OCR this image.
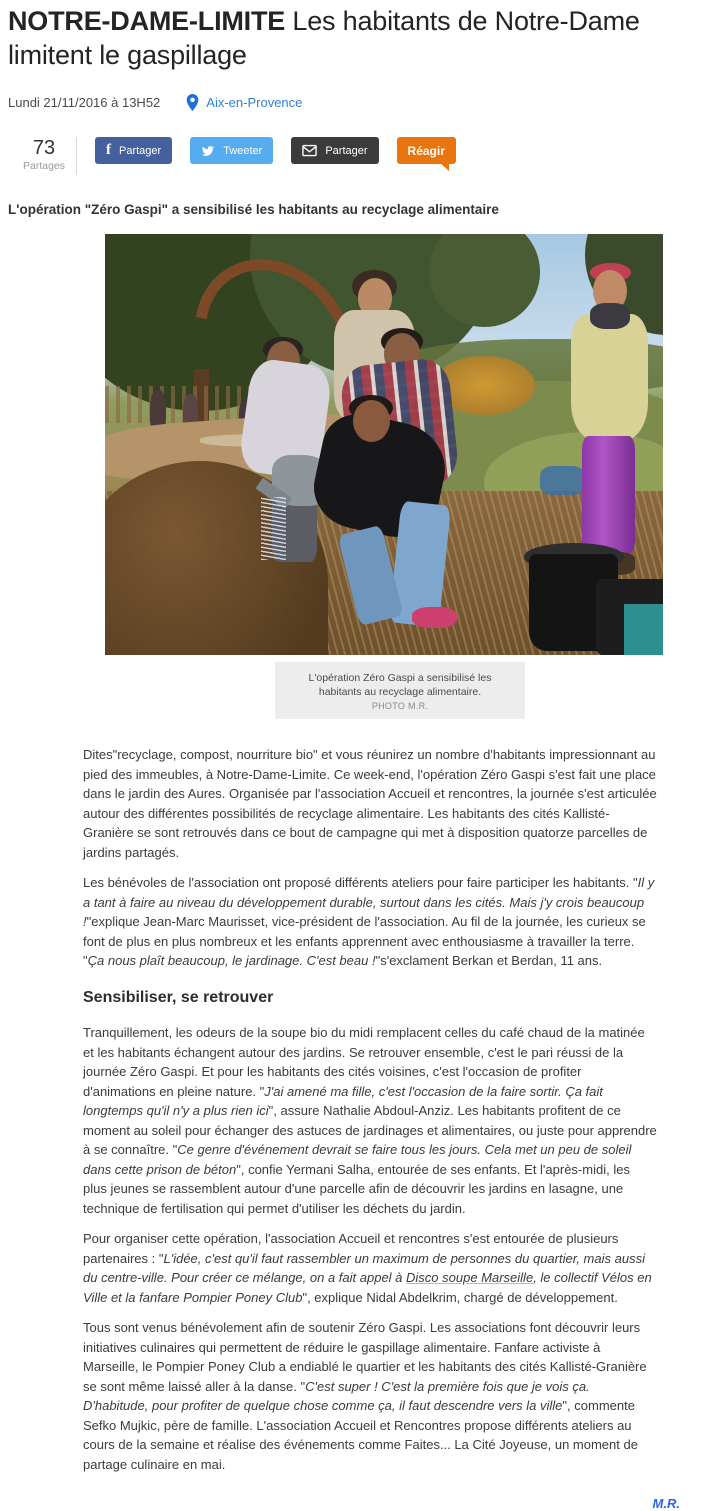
NOTRE-DAME-LIMITE Les habitants de Notre-Dame limitent le gaspillage
Lundi 21/11/2016 à 13H52	Aix-en-Provence
73
Partages
f Partager	Tweeter	Partager	Réagir

L'opération "Zéro Gaspi" a sensibilisé les habitants au recyclage alimentaire

L'opération Zéro Gaspi a sensibilisé les habitants au recyclage alimentaire.
PHOTO M.R.

Dites"recyclage, compost, nourriture bio" et vous réunirez un nombre d'habitants impressionnant au pied des immeubles, à Notre-Dame-Limite. Ce week-end, l'opération Zéro Gaspi s'est fait une place dans le jardin des Aures. Organisée par l'association Accueil et rencontres, la journée s'est articulée autour des différentes possibilités de recyclage alimentaire. Les habitants des cités Kallisté-Granière se sont retrouvés dans ce bout de campagne qui met à disposition quatorze parcelles de jardins partagés.

Les bénévoles de l'association ont proposé différents ateliers pour faire participer les habitants. "Il y a tant à faire au niveau du développement durable, surtout dans les cités. Mais j'y crois beaucoup !"explique Jean-Marc Maurisset, vice-président de l'association. Au fil de la journée, les curieux se font de plus en plus nombreux et les enfants apprennent avec enthousiasme à travailler la terre. "Ça nous plaît beaucoup, le jardinage. C'est beau !"s'exclament Berkan et Berdan, 11 ans.

Sensibiliser, se retrouver

Tranquillement, les odeurs de la soupe bio du midi remplacent celles du café chaud de la matinée et les habitants échangent autour des jardins. Se retrouver ensemble, c'est le pari réussi de la journée Zéro Gaspi. Et pour les habitants des cités voisines, c'est l'occasion de profiter d'animations en pleine nature. "J'ai amené ma fille, c'est l'occasion de la faire sortir. Ça fait longtemps qu'il n'y a plus rien ici", assure Nathalie Abdoul-Anziz. Les habitants profitent de ce moment au soleil pour échanger des astuces de jardinages et alimentaires, ou juste pour apprendre à se connaître. "Ce genre d'événement devrait se faire tous les jours. Cela met un peu de soleil dans cette prison de béton", confie Yermani Salha, entourée de ses enfants. Et l'après-midi, les plus jeunes se rassemblent autour d'une parcelle afin de découvrir les jardins en lasagne, une technique de fertilisation qui permet d'utiliser les déchets du jardin.

Pour organiser cette opération, l'association Accueil et rencontres s'est entourée de plusieurs partenaires : "L'idée, c'est qu'il faut rassembler un maximum de personnes du quartier, mais aussi du centre-ville. Pour créer ce mélange, on a fait appel à Disco soupe Marseille, le collectif Vélos en Ville et la fanfare Pompier Poney Club", explique Nidal Abdelkrim, chargé de développement.

Tous sont venus bénévolement afin de soutenir Zéro Gaspi. Les associations font découvrir leurs initiatives culinaires qui permettent de réduire le gaspillage alimentaire. Fanfare activiste à Marseille, le Pompier Poney Club a endiablé le quartier et les habitants des cités Kallisté-Granière se sont même laissé aller à la danse. "C'est super ! C'est la première fois que je vois ça. D'habitude, pour profiter de quelque chose comme ça, il faut descendre vers la ville", commente Sefko Mujkic, père de famille. L'association Accueil et Rencontres propose différents ateliers au cours de la semaine et réalise des événements comme Faites... La Cité Joyeuse, un moment de partage culinaire en mai.

M.R.
